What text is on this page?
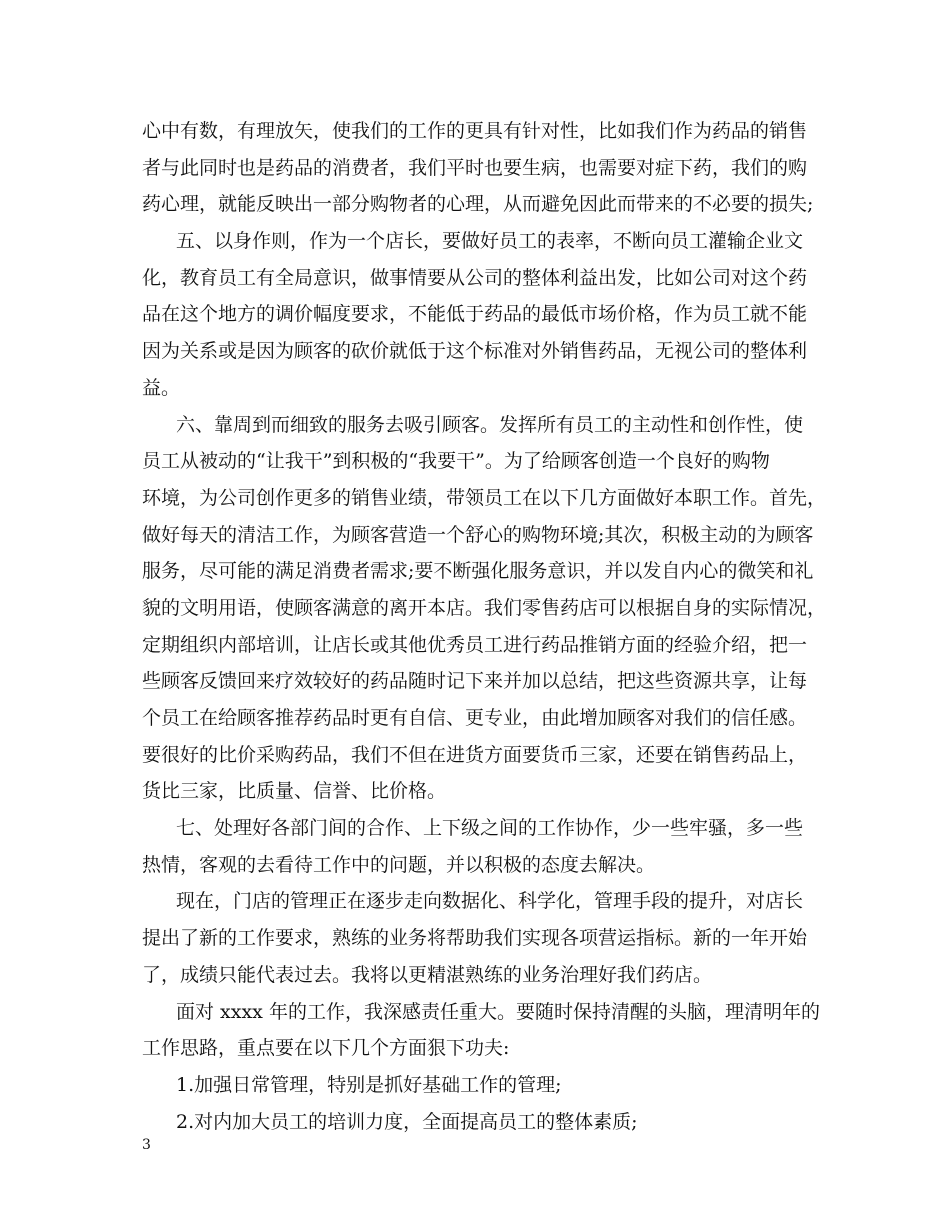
心中有数，有理放矢，使我们的工作的更具有针对性，比如我们作为药品的销售
者与此同时也是药品的消费者，我们平时也要生病，也需要对症下药，我们的购
药心理，就能反映出一部分购物者的心理，从而避免因此而带来的不必要的损失;
五、以身作则，作为一个店长，要做好员工的表率，不断向员工灌输企业文
化，教育员工有全局意识，做事情要从公司的整体利益出发，比如公司对这个药
品在这个地方的调价幅度要求，不能低于药品的最低市场价格，作为员工就不能
因为关系或是因为顾客的砍价就低于这个标准对外销售药品，无视公司的整体利
益。
六、靠周到而细致的服务去吸引顾客。发挥所有员工的主动性和创作性，使
员工从被动的“让我干”到积极的“我要干”。为了给顾客创造一个良好的购物
环境，为公司创作更多的销售业绩，带领员工在以下几方面做好本职工作。首先，
做好每天的清洁工作，为顾客营造一个舒心的购物环境;其次，积极主动的为顾客
服务，尽可能的满足消费者需求;要不断强化服务意识，并以发自内心的微笑和礼
貌的文明用语，使顾客满意的离开本店。我们零售药店可以根据自身的实际情况，
定期组织内部培训，让店长或其他优秀员工进行药品推销方面的经验介绍，把一
些顾客反馈回来疗效较好的药品随时记下来并加以总结，把这些资源共享，让每
个员工在给顾客推荐药品时更有自信、更专业，由此增加顾客对我们的信任感。
要很好的比价采购药品，我们不但在进货方面要货币三家，还要在销售药品上，
货比三家，比质量、信誉、比价格。
七、处理好各部门间的合作、上下级之间的工作协作，少一些牢骚，多一些
热情，客观的去看待工作中的问题，并以积极的态度去解决。
现在，门店的管理正在逐步走向数据化、科学化，管理手段的提升，对店长
提出了新的工作要求，熟练的业务将帮助我们实现各项营运指标。新的一年开始
了，成绩只能代表过去。我将以更精湛熟练的业务治理好我们药店。
面对 xxxx 年的工作，我深感责任重大。要随时保持清醒的头脑，理清明年的
工作思路，重点要在以下几个方面狠下功夫:
1.加强日常管理，特别是抓好基础工作的管理;
2.对内加大员工的培训力度，全面提高员工的整体素质;
3
